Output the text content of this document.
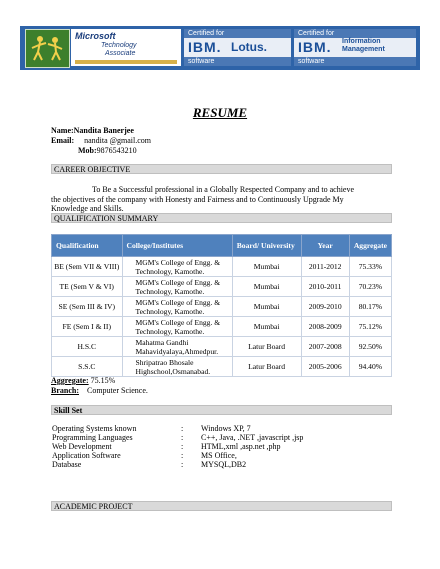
Microsoft
Technology
Associate
Certified for
IBM. Lotus.
software
Certified for
IBM. Information
Management
software
RESUME
Name:Nandita Banerjee
Email: nandita @gmail.com
Mob:9876543210
CAREER OBJECTIVE
To Be a Successful professional in a Globally Respected Company and to achieve
the objectives of the company with Honesty and Fairness and to Continuously Upgrade My
Knowledge and Skills.
QUALIFICATION SUMMARY
Qualification	College/Institutes	Board/ University	Year	Aggregate
BE (Sem VII & VIII)	MGM's College of Engg. & Technology, Kamothe.	Mumbai	2011-2012	75.33%
TE (Sem V & VI)	MGM's College of Engg. & Technology, Kamothe.	Mumbai	2010-2011	70.23%
SE (Sem III & IV)	MGM's College of Engg. & Technology, Kamothe.	Mumbai	2009-2010	80.17%
FE (Sem I & II)	MGM's College of Engg. & Technology, Kamothe.	Mumbai	2008-2009	75.12%
H.S.C	Mahatma Gandhi Mahavidyalaya,Ahmedpur.	Latur Board	2007-2008	92.50%
S.S.C	Shripatrao Bhosale Highschool,Osmanabad.	Latur Board	2005-2006	94.40%
Aggregate: 75.15%
Branch: Computer Science.
Skill Set
Operating Systems known	: Windows XP, 7
Programming Languages	: C++, Java, .NET ,javascript ,jsp
Web Development	: HTML,xml ,asp.net ,php
Application Software	: MS Office,
Database	: MYSQL,DB2
ACADEMIC PROJECT
